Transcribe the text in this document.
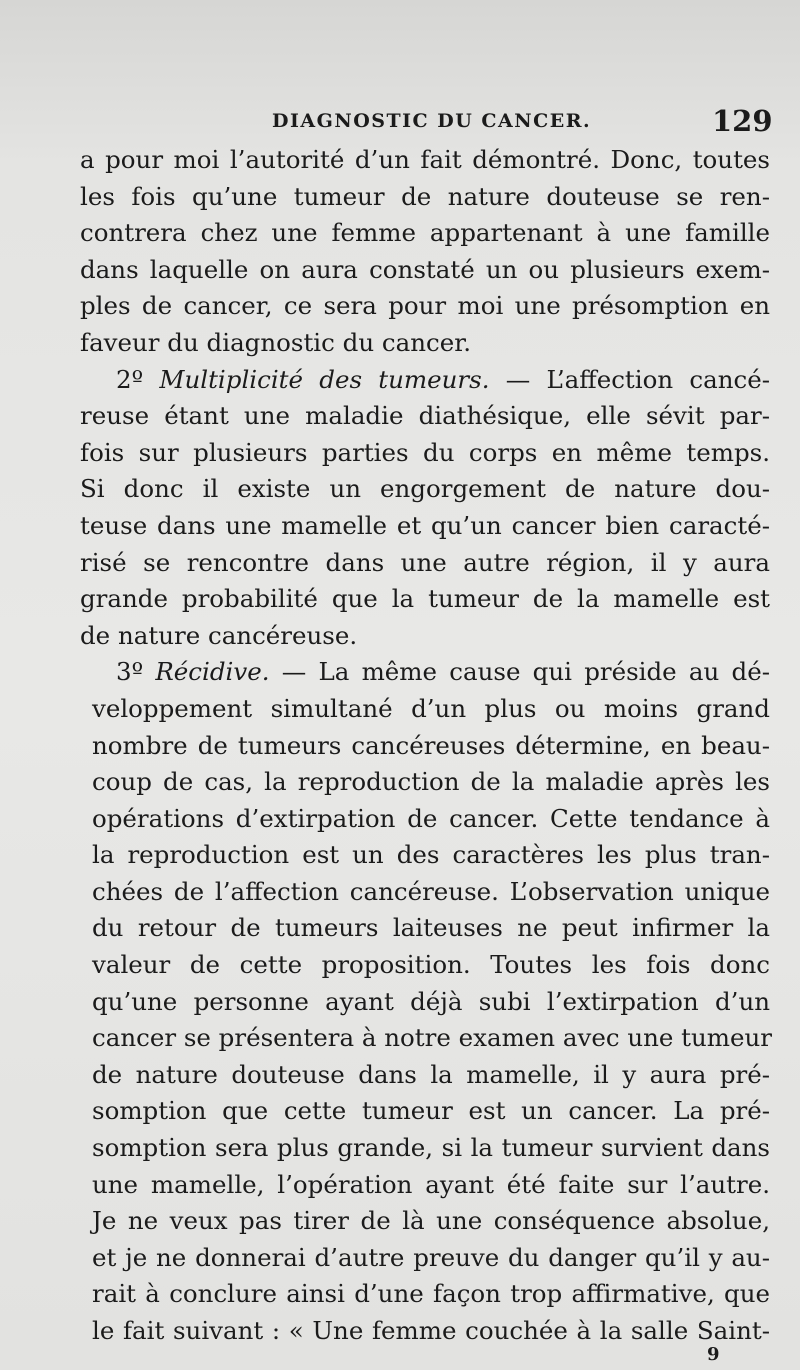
DIAGNOSTIC DU CANCER.	129
a pour moi l’autorité d’un fait démontré. Donc, toutes
les fois qu’une tumeur de nature douteuse se ren-
contrera chez une femme appartenant à une famille
dans laquelle on aura constaté un ou plusieurs exem-
ples de cancer, ce sera pour moi une présomption en
faveur du diagnostic du cancer.
2º Multiplicité des tumeurs. — L’affection cancé-
reuse étant une maladie diathésique, elle sévit par-
fois sur plusieurs parties du corps en même temps.
Si donc il existe un engorgement de nature dou-
teuse dans une mamelle et qu’un cancer bien caracté-
risé se rencontre dans une autre région, il y aura
grande probabilité que la tumeur de la mamelle est
de nature cancéreuse.
3º Récidive. — La même cause qui préside au dé-
veloppement simultané d’un plus ou moins grand
nombre de tumeurs cancéreuses détermine, en beau-
coup de cas, la reproduction de la maladie après les
opérations d’extirpation de cancer. Cette tendance à
la reproduction est un des caractères les plus tran-
chées de l’affection cancéreuse. L’observation unique
du retour de tumeurs laiteuses ne peut infirmer la
valeur de cette proposition. Toutes les fois donc
qu’une personne ayant déjà subi l’extirpation d’un
cancer se présentera à notre examen avec une tumeur
de nature douteuse dans la mamelle, il y aura pré-
somption que cette tumeur est un cancer. La pré-
somption sera plus grande, si la tumeur survient dans
une mamelle, l’opération ayant été faite sur l’autre.
Je ne veux pas tirer de là une conséquence absolue,
et je ne donnerai d’autre preuve du danger qu’il y au-
rait à conclure ainsi d’une façon trop affirmative, que
le fait suivant : « Une femme couchée à la salle Saint-
9
